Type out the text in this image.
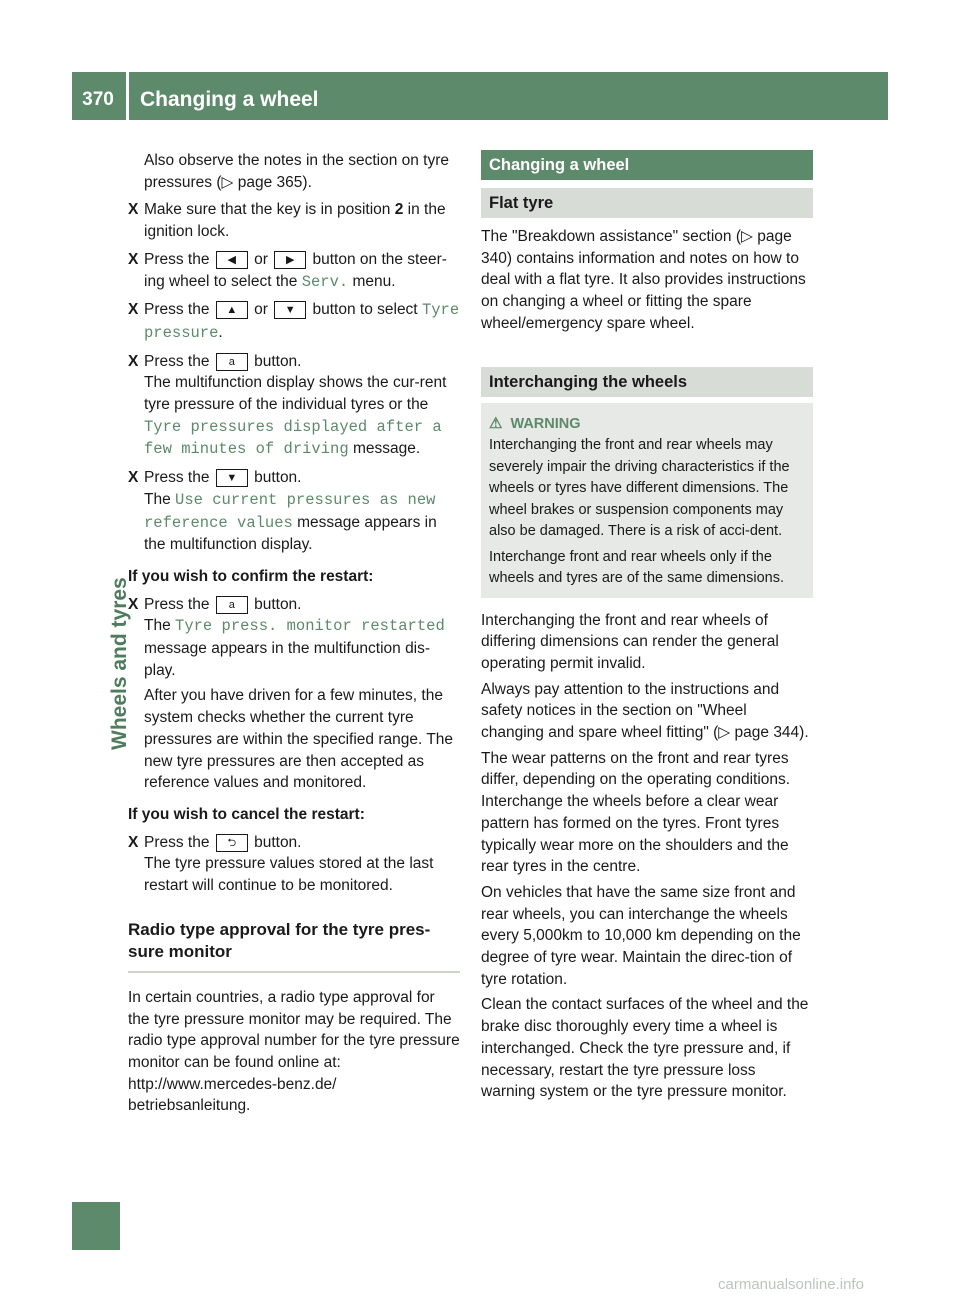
370	Changing a wheel
Wheels and tyres

Also observe the notes in the section on tyre pressures (▷ page 365).

X Make sure that the key is in position 2 in the ignition lock.
X Press the ◀ or ▶ button on the steer-ing wheel to select the Serv. menu.
X Press the ▲ or ▼ button to select Tyre pressure.
X Press the a button.
The multifunction display shows the cur-rent tyre pressure of the individual tyres or the Tyre pressures displayed after a few minutes of driving message.
X Press the ▼ button.
The Use current pressures as new reference values message appears in the multifunction display.

If you wish to confirm the restart:

X Press the a button.
The Tyre press. monitor restarted message appears in the multifunction dis-play.

After you have driven for a few minutes, the system checks whether the current tyre pressures are within the specified range. The new tyre pressures are then accepted as reference values and monitored.

If you wish to cancel the restart:

X Press the ⮌ button.
The tyre pressure values stored at the last restart will continue to be monitored.

Radio type approval for the tyre pres-sure monitor

In certain countries, a radio type approval for the tyre pressure monitor may be required. The radio type approval number for the tyre pressure monitor can be found online at: http://www.mercedes-benz.de/ betriebsanleitung.

Changing a wheel
Flat tyre

The "Breakdown assistance" section (▷ page 340) contains information and notes on how to deal with a flat tyre. It also provides instructions on changing a wheel or fitting the spare wheel/emergency spare wheel.

Interchanging the wheels

⚠ WARNING

Interchanging the front and rear wheels may severely impair the driving characteristics if the wheels or tyres have different dimensions. The wheel brakes or suspension components may also be damaged. There is a risk of acci-dent.

Interchange front and rear wheels only if the wheels and tyres are of the same dimensions.

Interchanging the front and rear wheels of differing dimensions can render the general operating permit invalid.

Always pay attention to the instructions and safety notices in the section on "Wheel changing and spare wheel fitting" (▷ page 344).

The wear patterns on the front and rear tyres differ, depending on the operating conditions. Interchange the wheels before a clear wear pattern has formed on the tyres. Front tyres typically wear more on the shoulders and the rear tyres in the centre.

On vehicles that have the same size front and rear wheels, you can interchange the wheels every 5,000km to 10,000 km depending on the degree of tyre wear. Maintain the direc-tion of tyre rotation.

Clean the contact surfaces of the wheel and the brake disc thoroughly every time a wheel is interchanged. Check the tyre pressure and, if necessary, restart the tyre pressure loss warning system or the tyre pressure monitor.

carmanualsonline.info
